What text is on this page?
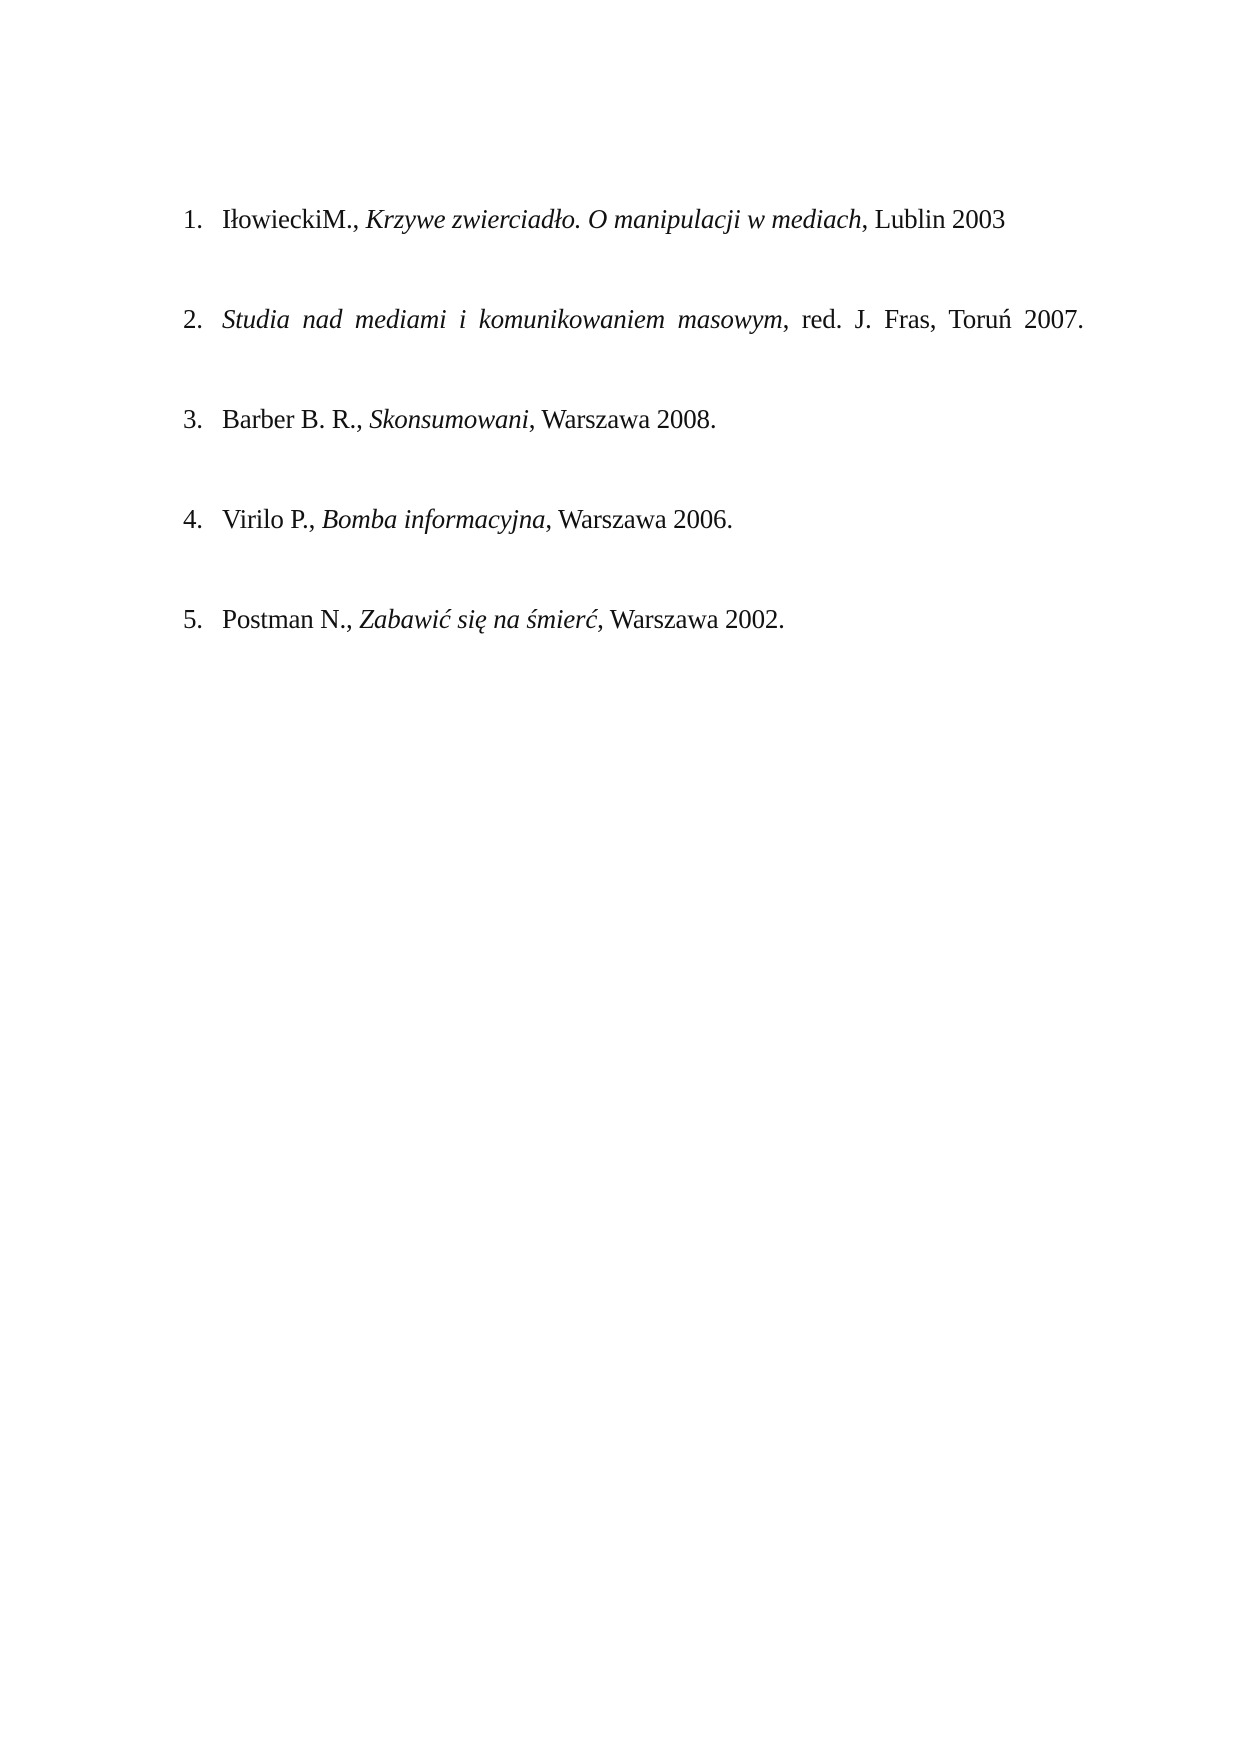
1. IłowieckiM., Krzywe zwierciadło. O manipulacji w mediach, Lublin 2003
2. Studia nad mediami i komunikowaniem masowym, red. J. Fras, Toruń 2007.
3. Barber B. R., Skonsumowani, Warszawa 2008.
4. Virilo P., Bomba informacyjna, Warszawa 2006.
5. Postman N., Zabawić się na śmierć, Warszawa 2002.
